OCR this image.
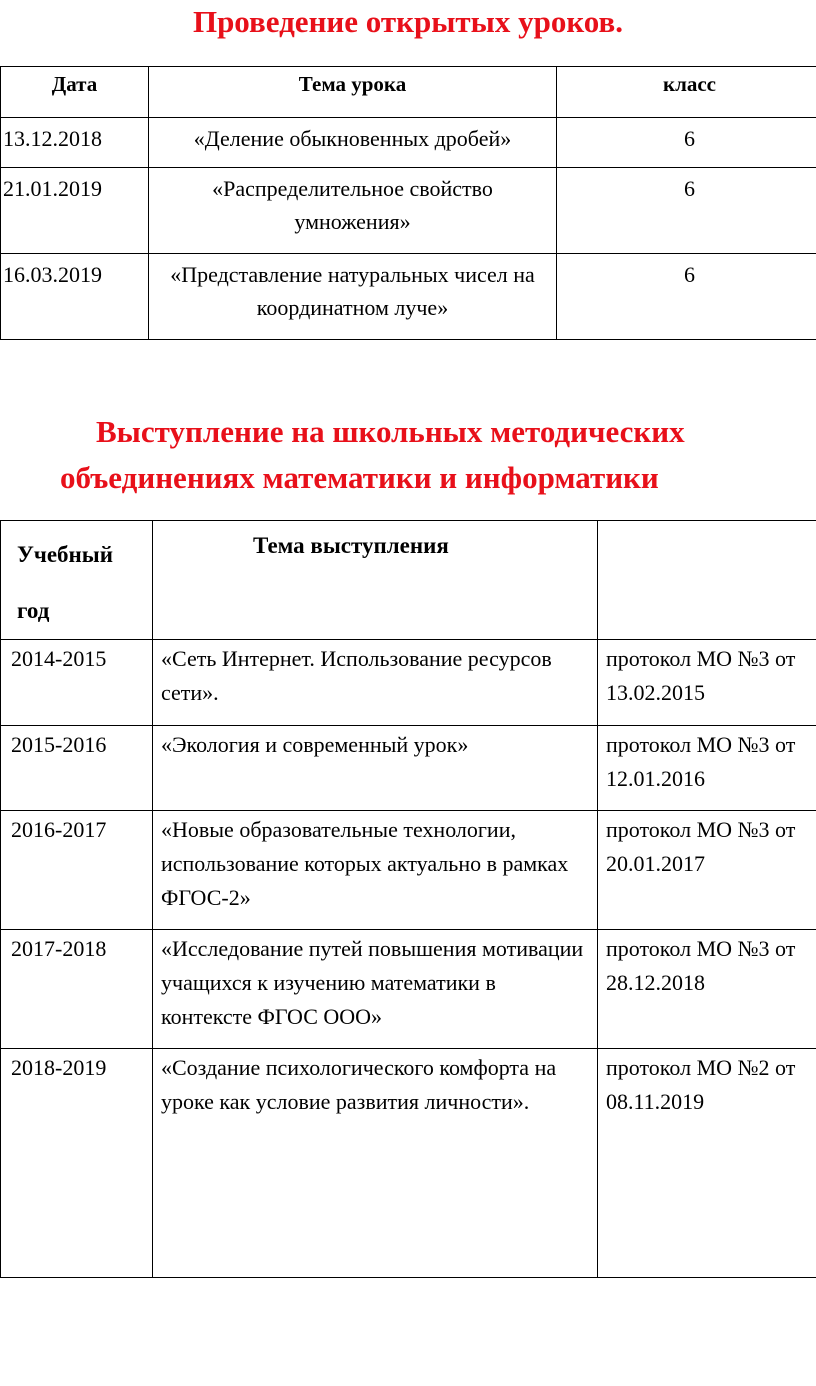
Проведение открытых уроков.
Дата	Тема урока	класс
13.12.2018	«Деление обыкновенных дробей»	6
21.01.2019	«Распределительное свойство умножения»	6
16.03.2019	«Представление натуральных чисел на координатном луче»	6
Выступление на школьных методических
объединениях математики и информатики
Учебный
год	Тема выступления	
2014-2015	«Сеть Интернет. Использование ресурсов сети».	протокол МО №3 от
13.02.2015

2015-2016	«Экология и современный урок»	протокол МО №3 от
12.01.2016

2016-2017	«Новые образовательные технологии, использование которых актуально в рамках ФГОС-2»	протокол МО №3 от
20.01.2017

2017-2018	«Исследование путей повышения мотивации учащихся к изучению математики в контексте ФГОС ООО»	протокол МО №3 от
28.12.2018

2018-2019	«Создание психологического комфорта на уроке как условие развития личности».	протокол МО №2 от
08.11.2019
